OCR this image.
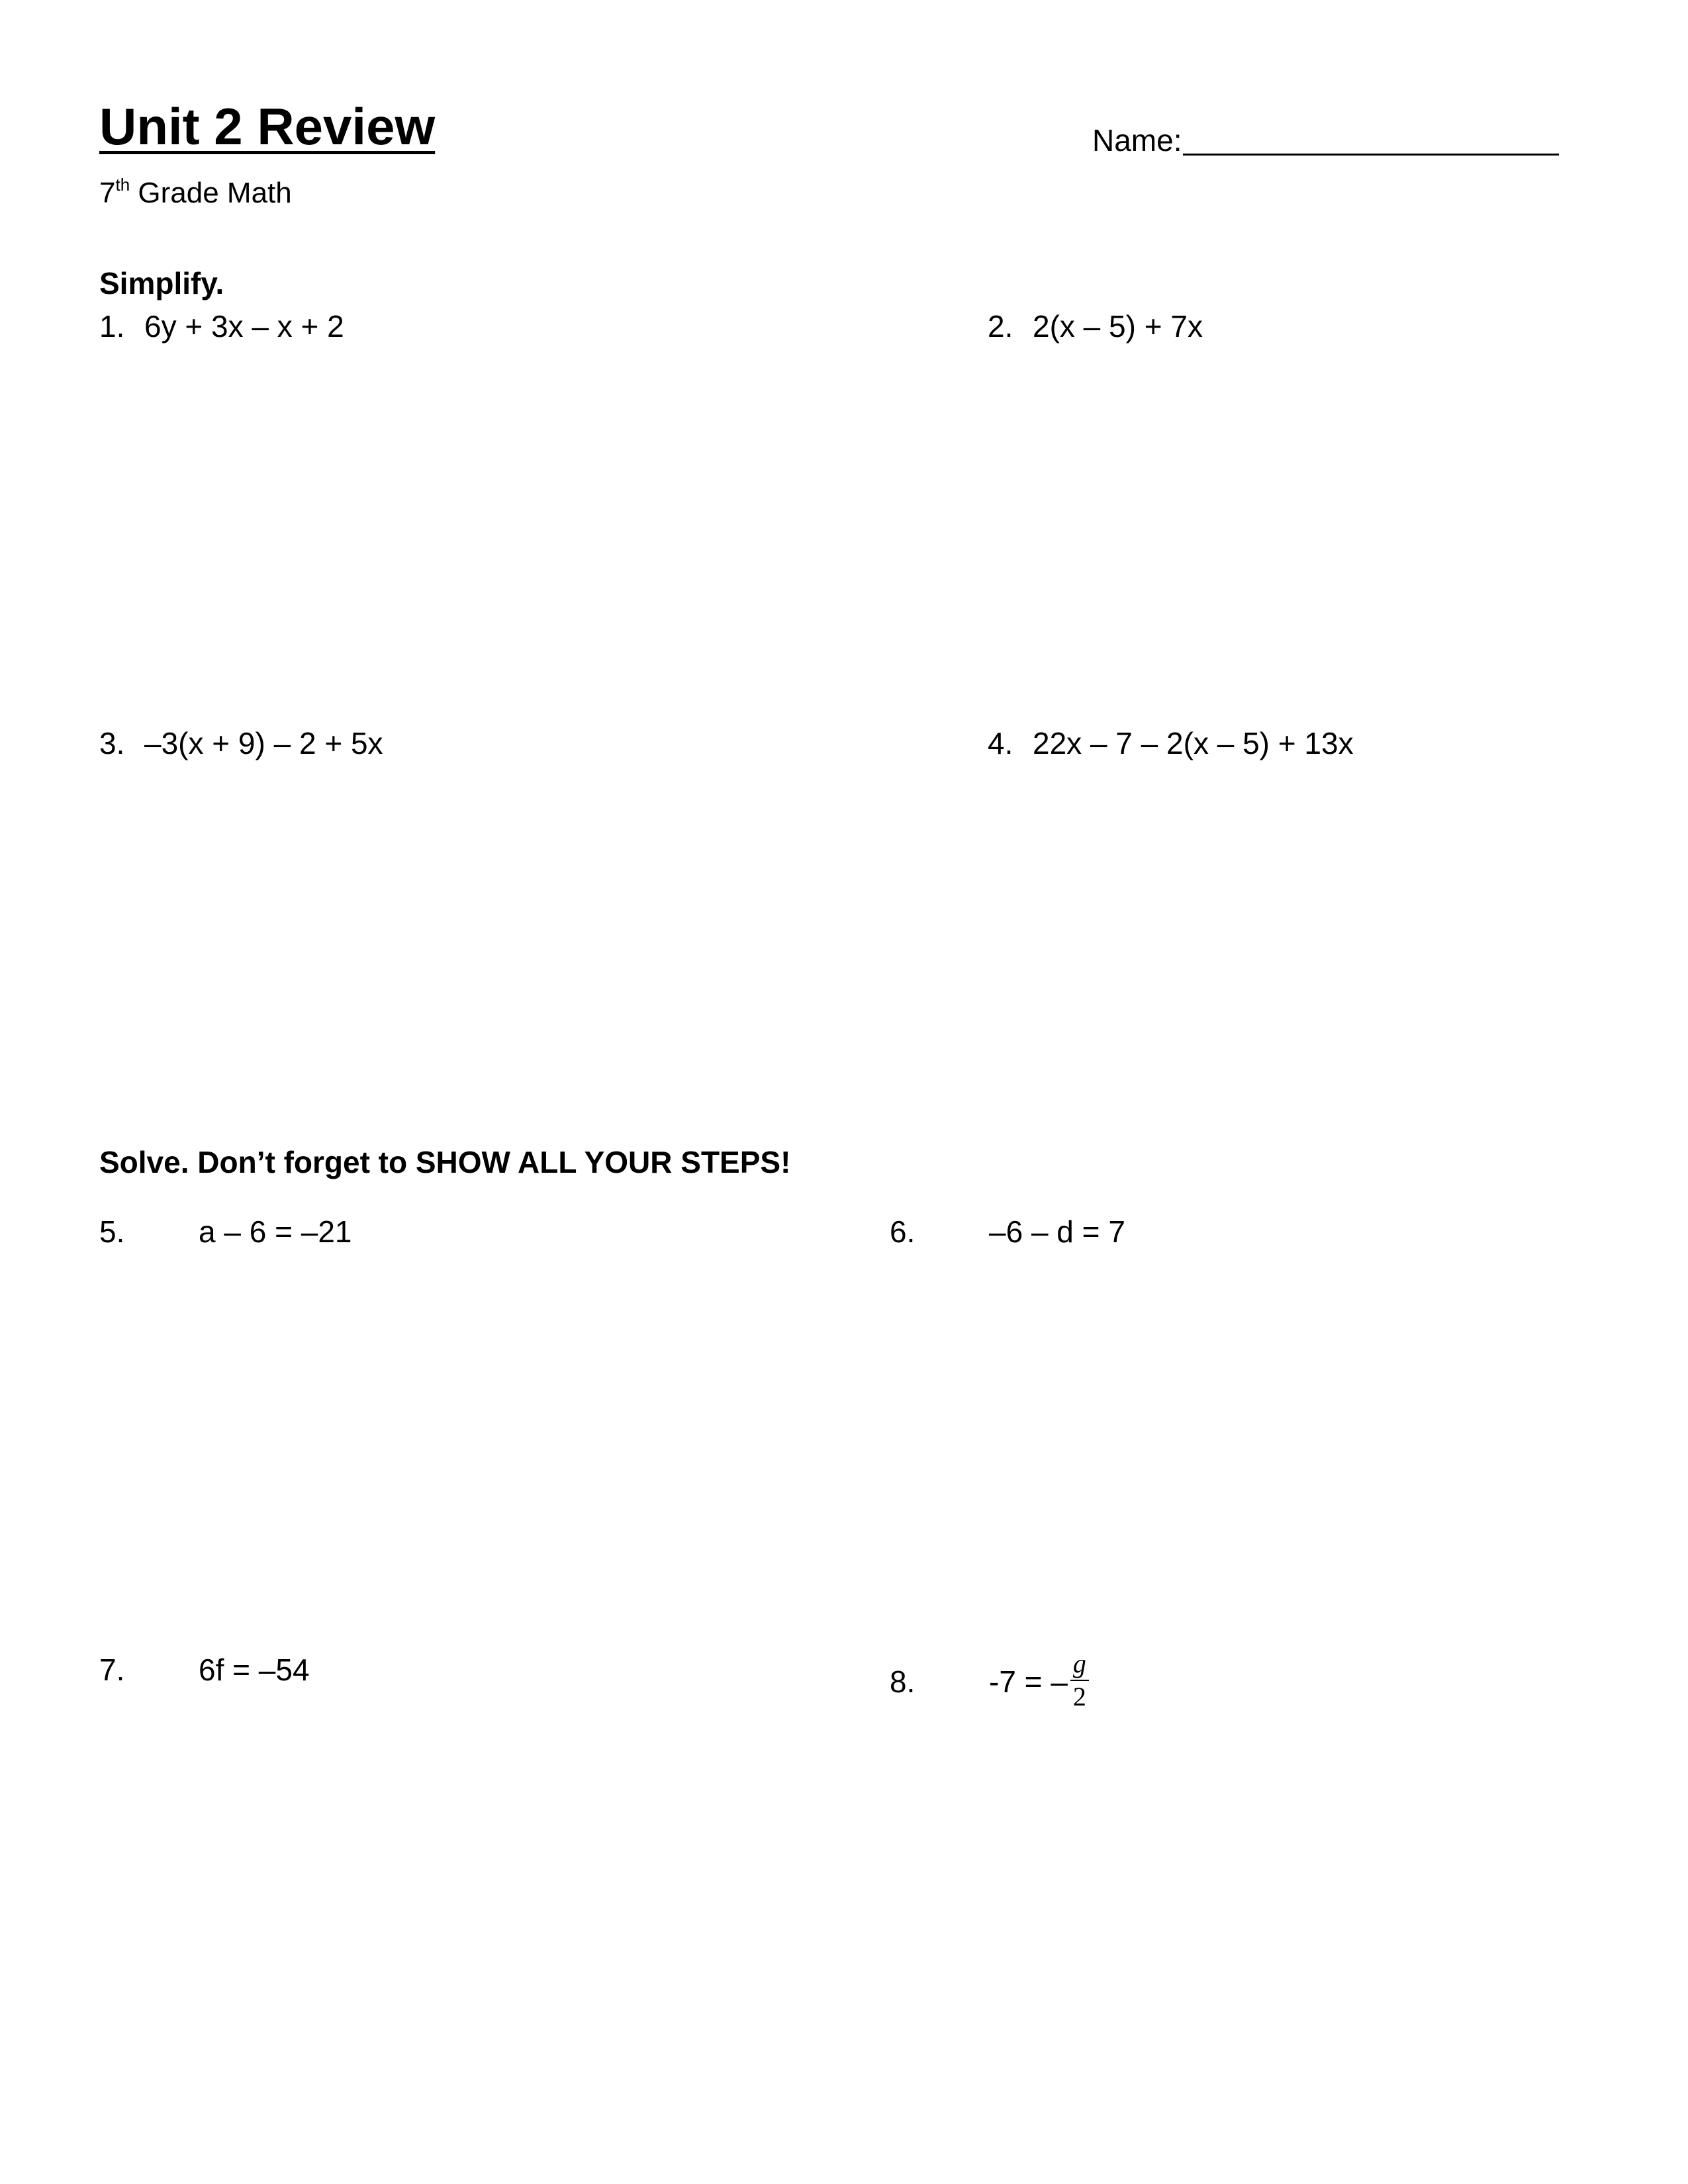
Unit 2 Review	Name:
7th Grade Math
Simplify.
1. 6y + 3x – x + 2	2. 2(x – 5) + 7x
3. –3(x + 9) – 2 + 5x	4. 22x – 7 – 2(x – 5) + 13x
Solve. Don’t forget to SHOW ALL YOUR STEPS!
5. a – 6 = –21	6. –6 – d = 7
7. 6f = –54	8. -7 = – $\frac{g}{2}$
